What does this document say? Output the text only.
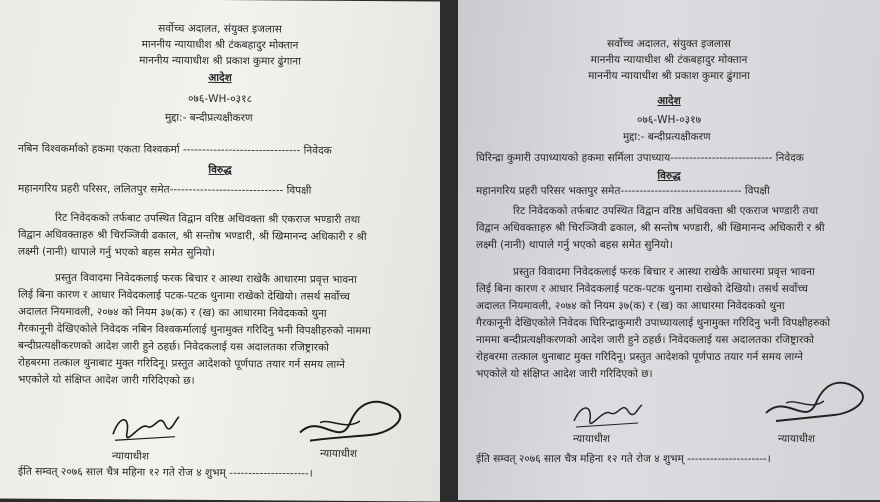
सर्वोच्च अदालत, संयुक्त इजलास
माननीय न्यायाधीश श्री टंकबहादुर मोक्तान
माननीय न्यायाधीश श्री प्रकाश कुमार ढुंगाना
आदेश
०७६-WH-०३१८
मुद्दा:- बन्दीप्रत्यक्षीकरण
नबिन विश्वकर्माको हकमा एकता विश्वकर्मा ------------------------------- निवेदक
विरुद्ध
महानगरिय प्रहरी परिसर, ललितपुर समेत------------------------------ विपक्षी
रिट निवेदकको तर्फबाट उपस्थित विद्वान वरिष्ठ अधिवक्ता श्री एकराज भण्डारी तथा
विद्वान अधिवक्ताहरु श्री चिरञ्जिवी ढकाल, श्री सन्तोष भण्डारी, श्री खिमानन्द अधिकारी र श्री
लक्ष्मी (नानी) थापाले गर्नु भएको बहस समेत सुनियो।
प्रस्तुत विवादमा निवेदकलाई फरक बिचार र आस्था राखेकै आधारमा प्रवृत्त भावना
लिई बिना कारण र आधार निवेदकलाई पटक-पटक थुनामा राखेको देखियो। तसर्थ सर्वोच्च
अदालत नियमावली, २०७४ को नियम ३७(क) र (ख) का आधारमा निवेदकको थुना
गैरकानूनी देखिएकोले निवेदक नबिन विश्वकर्मालाई थुनामुक्त गरिदिनु भनी विपक्षीहरुको नाममा
बन्दीप्रत्यक्षीकरणको आदेश जारी हुने ठहर्छ। निवेदकलाई यस अदालतका रजिष्ट्रारको
रोहबरमा तत्काल थुनाबाट मुक्त गरिदिनू। प्रस्तुत आदेशको पूर्णपाठ तयार गर्न समय लाग्ने
भएकोले यो संक्षिप्त आदेश जारी गरिदिएको छ।
न्यायाधीश	न्यायाधीश
ईति सम्वत् २०७६ साल चैत्र महिना १२ गते रोज ४ शुभम् ---------------------।
सर्वोच्च अदालत, संयुक्त इजलास
माननीय न्यायाधीश श्री टंकबहादुर मोक्तान
माननीय न्यायाधीश श्री प्रकाश कुमार ढुंगाना
आदेश
०७६-WH-०३१७
मुद्दा:- बन्दीप्रत्यक्षीकरण
घिरिन्द्रा कुमारी उपाध्यायको हकमा सर्मिला उपाध्याय--------------------------- निवेदक
विरुद्ध
महानगरिय प्रहरी परिसर भक्तपुर समेत-------------------------------- विपक्षी
रिट निवेदकको तर्फबाट उपस्थित विद्वान वरिष्ठ अधिवक्ता श्री एकराज भण्डारी तथा
विद्वान अधिवक्ताहरु श्री चिरञ्जिवी ढकाल, श्री सन्तोष भण्डारी, श्री खिमानन्द अधिकारी र श्री
लक्ष्मी (नानी) थापाले गर्नु भएको बहस समेत सुनियो।
प्रस्तुत विवादमा निवेदकलाई फरक बिचार र आस्था राखेकै आधारमा प्रवृत्त भावना
लिई बिना कारण र आधार निवेदकलाई पटक-पटक थुनामा राखेको देखियो। तसर्थ सर्वोच्च
अदालत नियमावली, २०७४ को नियम ३७(क) र (ख) का आधारमा निवेदकको थुना
गैरकानूनी देखिएकोले निवेदक घिरिन्द्राकुमारी उपाध्यायलाई थुनामुक्त गरिदिनु भनी विपक्षीहरुको
नाममा बन्दीप्रत्यक्षीकरणको आदेश जारी हुने ठहर्छ। निवेदकलाई यस अदालतका रजिष्ट्रारको
रोहबरमा तत्काल थुनाबाट मुक्त गरिदिनू। प्रस्तुत आदेशको पूर्णपाठ तयार गर्न समय लाग्ने
भएकोले यो संक्षिप्त आदेश जारी गरिदिएको छ।
न्यायाधीश	न्यायाधीश
ईति सम्वत् २०७६ साल चैत्र महिना १२ गते रोज ४ शुभम् ---------------------।
